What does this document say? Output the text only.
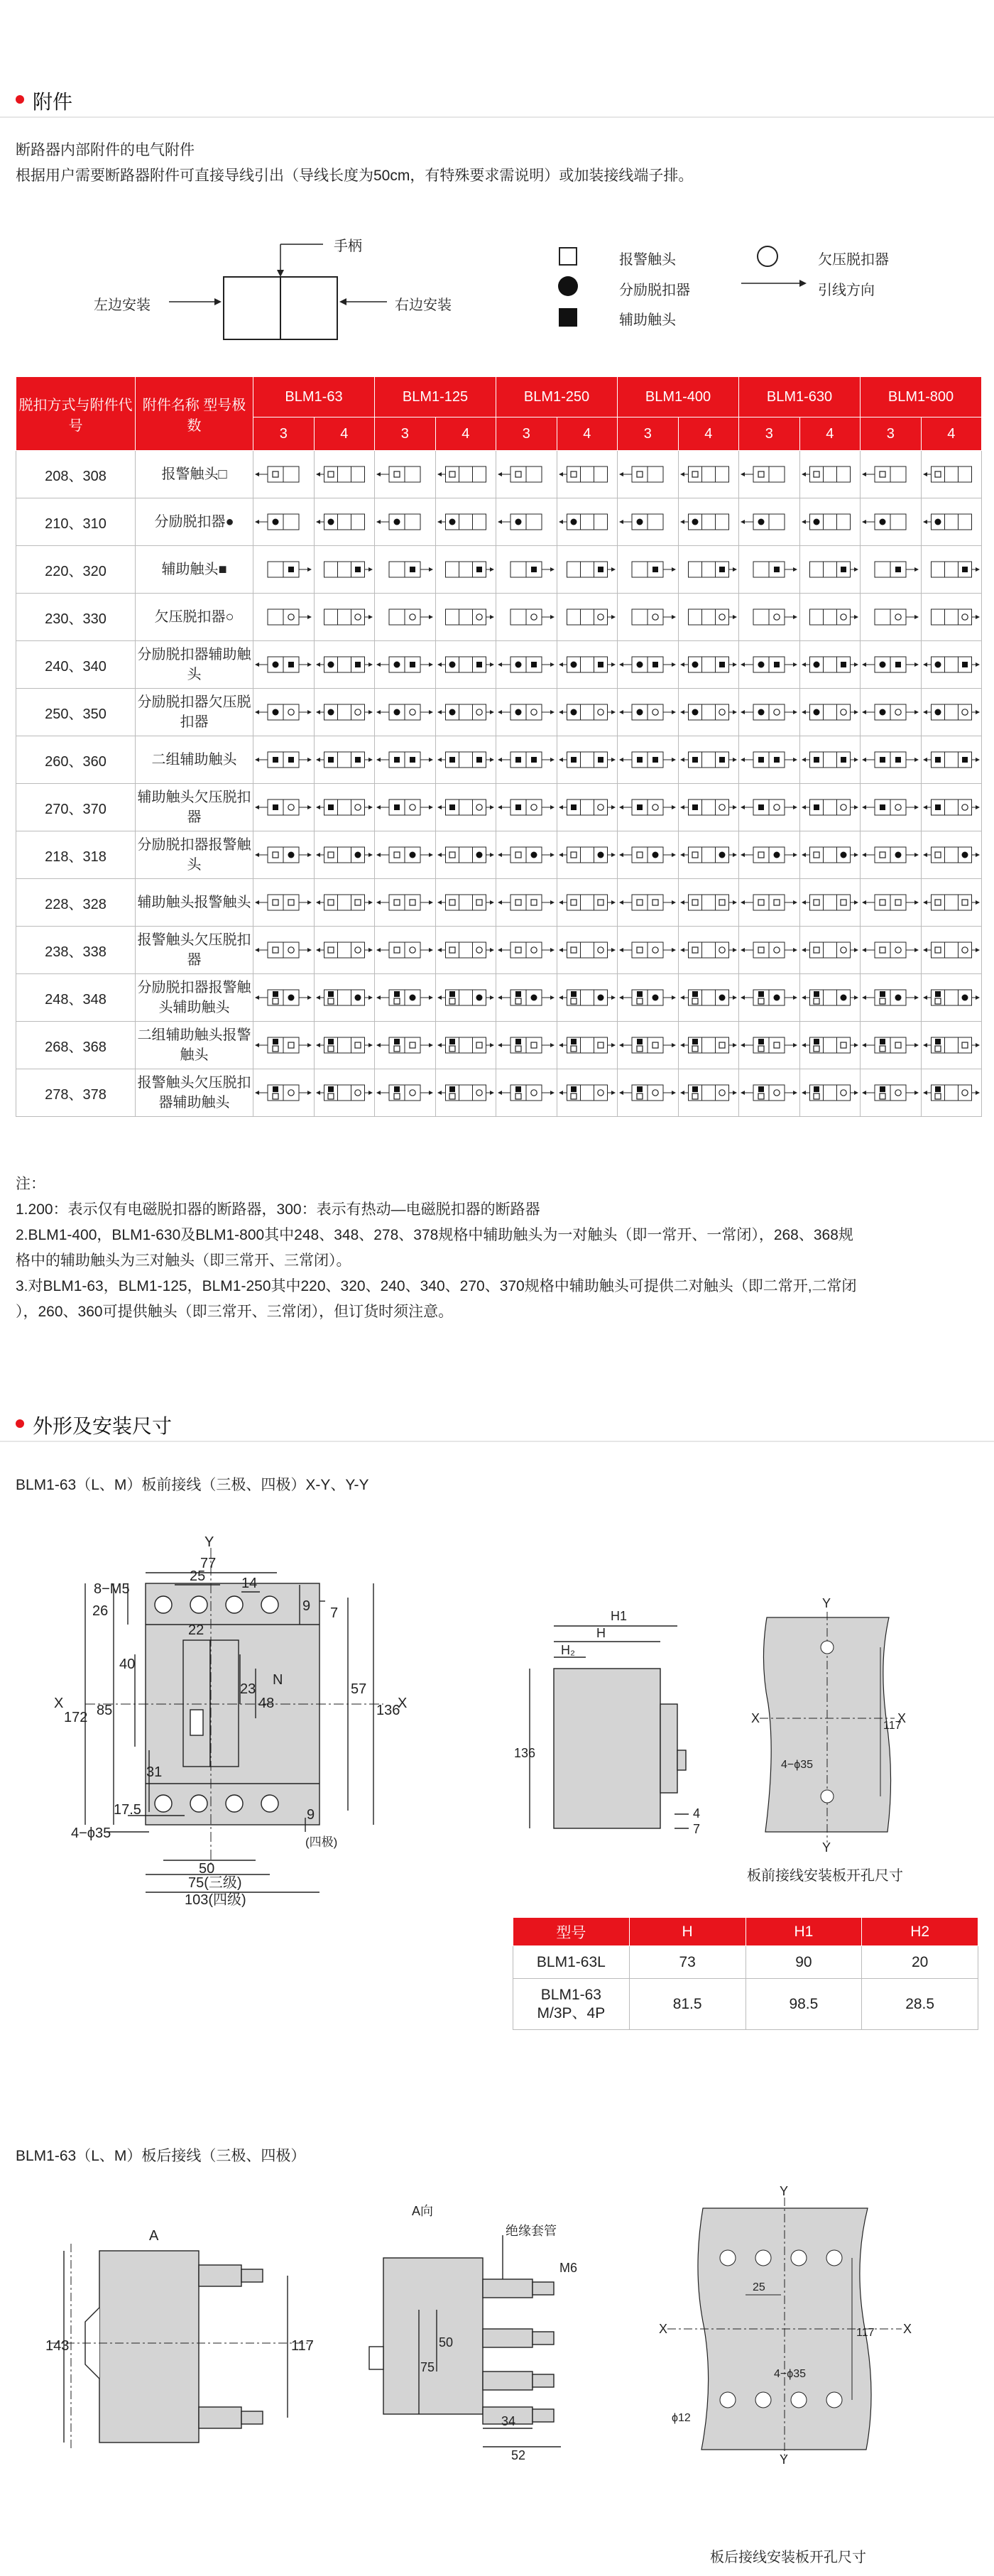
附件
断路器内部附件的电气附件
根据用户需要断路器附件可直接导线引出（导线长度为50cm，有特殊要求需说明）或加装接线端子排。
手柄
左边安装	右边安装
报警触头
分励脱扣器
辅助触头
欠压脱扣器
引线方向
脱扣方式与附件代号	附件名称 型号极数	BLM1-63		BLM1-125		BLM1-250		BLM1-400		BLM1-630		BLM1-800	
		3	4	3	4	3	4	3	4	3	4	3	4
208、308	报警触头□												
210、310	分励脱扣器●												
220、320	辅助触头■												
230、330	欠压脱扣器○												
240、340	分励脱扣器辅助触头												
250、350	分励脱扣器欠压脱扣器												
260、360	二组辅助触头												
270、370	辅助触头欠压脱扣器												
218、318	分励脱扣器报警触头												
228、328	辅助触头报警触头												
238、338	报警触头欠压脱扣器												
248、348	分励脱扣器报警触头辅助触头												
268、368	二组辅助触头报警触头												
278、378	报警触头欠压脱扣器辅助触头												
注：
1.200：表示仅有电磁脱扣器的断路器，300：表示有热动—电磁脱扣器的断路器
2.BLM1-400，BLM1-630及BLM1-800其中248、348、278、378规格中辅助触头为一对触头（即一常开、一常闭），268、368规
格中的辅助触头为三对触头（即三常开、三常闭）。
3.对BLM1-63，BLM1-125，BLM1-250其中220、320、240、340、270、370规格中辅助触头可提供二对触头（即二常开,二常闭
），260、360可提供触头（即三常开、三常闭），但订货时须注意。
外形及安装尺寸
BLM1-63（L、M）板前接线（三极、四极）X-Y、Y-Y
Y
77
25	14
8−M5
26
22
40
85
172
X
23
48
N
31
17.5
9 7
57
136
X
9
4−ϕ35
50
75(三级)
103(四级)
(四极)
H1
H
H₂
136
4
7
Y
Y
X	X
4−ϕ35
117
板前接线安装板开孔尺寸
型号	H	H1	H2
BLM1-63L	73	90	20

BLM1-63
M/3P、4P	81.5	98.5	28.5
BLM1-63（L、M）板后接线（三极、四极）
A
143	117
A向
绝缘套管
M6
50
75
34
52
Y
Y
X	X
25
4−ϕ35
ϕ12
117
板后接线安装板开孔尺寸
